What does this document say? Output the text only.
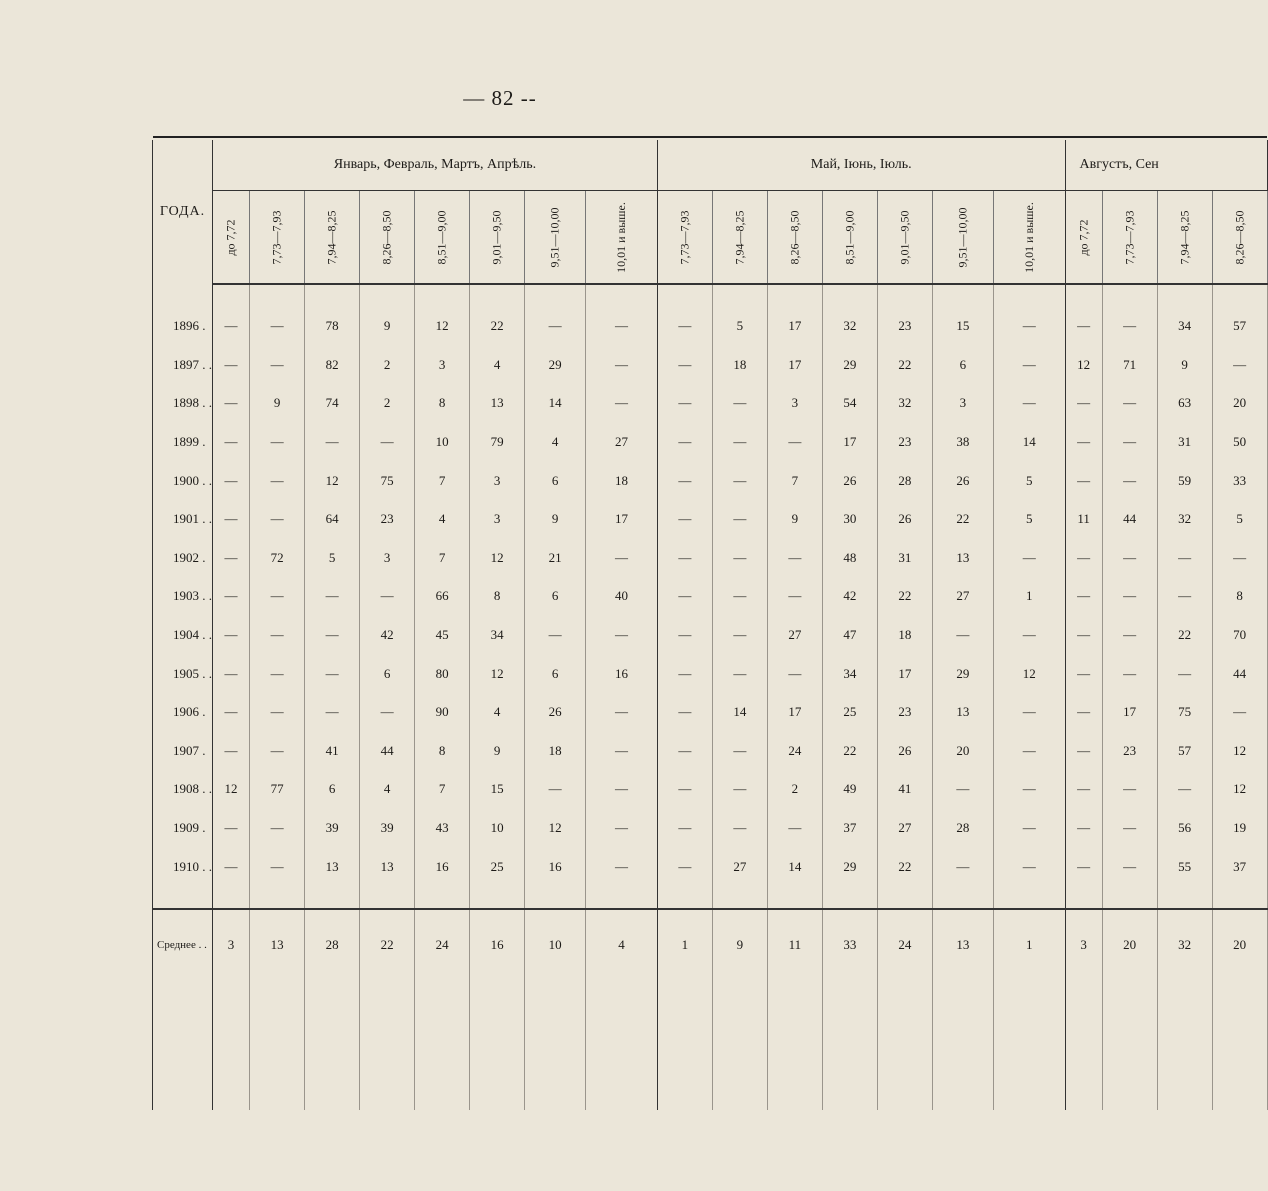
— 82 --

ГОДА.	Январь, Февраль, Мартъ, Апрѣль.								Май, Іюнь, Іюль.							Августъ, Сен			
	до 7,72	7,73—7,93	7,94—8,25	8,26—8,50	8,51—9,00	9,01—9,50	9,51—10,00	10,01 и выше.	7,73—7,93	7,94—8,25	8,26—8,50	8,51—9,00	9,01—9,50	9,51—10,00	10,01 и выше.	до 7,72	7,73—7,93	7,94—8,25	8,26—8,50

1896 .	—	—	78	9	12	22	—	—	—	5	17	32	23	15	—	—	—	34	57
1897 . .	—	—	82	2	3	4	29	—	—	18	17	29	22	6	—	12	71	9	—
1898 . .	—	9	74	2	8	13	14	—	—	—	3	54	32	3	—	—	—	63	20
1899 .	—	—	—	—	10	79	4	27	—	—	—	17	23	38	14	—	—	31	50
1900 . .	—	—	12	75	7	3	6	18	—	—	7	26	28	26	5	—	—	59	33
1901 . .	—	—	64	23	4	3	9	17	—	—	9	30	26	22	5	11	44	32	5
1902 .	—	72	5	3	7	12	21	—	—	—	—	48	31	13	—	—	—	—	—
1903 . .	—	—	—	—	66	8	6	40	—	—	—	42	22	27	1	—	—	—	8
1904 . .	—	—	—	42	45	34	—	—	—	—	27	47	18	—	—	—	—	22	70
1905 . .	—	—	—	6	80	12	6	16	—	—	—	34	17	29	12	—	—	—	44
1906 .	—	—	—	—	90	4	26	—	—	14	17	25	23	13	—	—	17	75	—
1907 .	—	—	41	44	8	9	18	—	—	—	24	22	26	20	—	—	23	57	12
1908 . .	12	77	6	4	7	15	—	—	—	—	2	49	41	—	—	—	—	—	12
1909 .	—	—	39	39	43	10	12	—	—	—	—	37	27	28	—	—	—	56	19
1910 . .	—	—	13	13	16	25	16	—	—	27	14	29	22	—	—	—	—	55	37

Среднее . .	3	13	28	22	24	16	10	4	1	9	11	33	24	13	1	3	20	32	20
